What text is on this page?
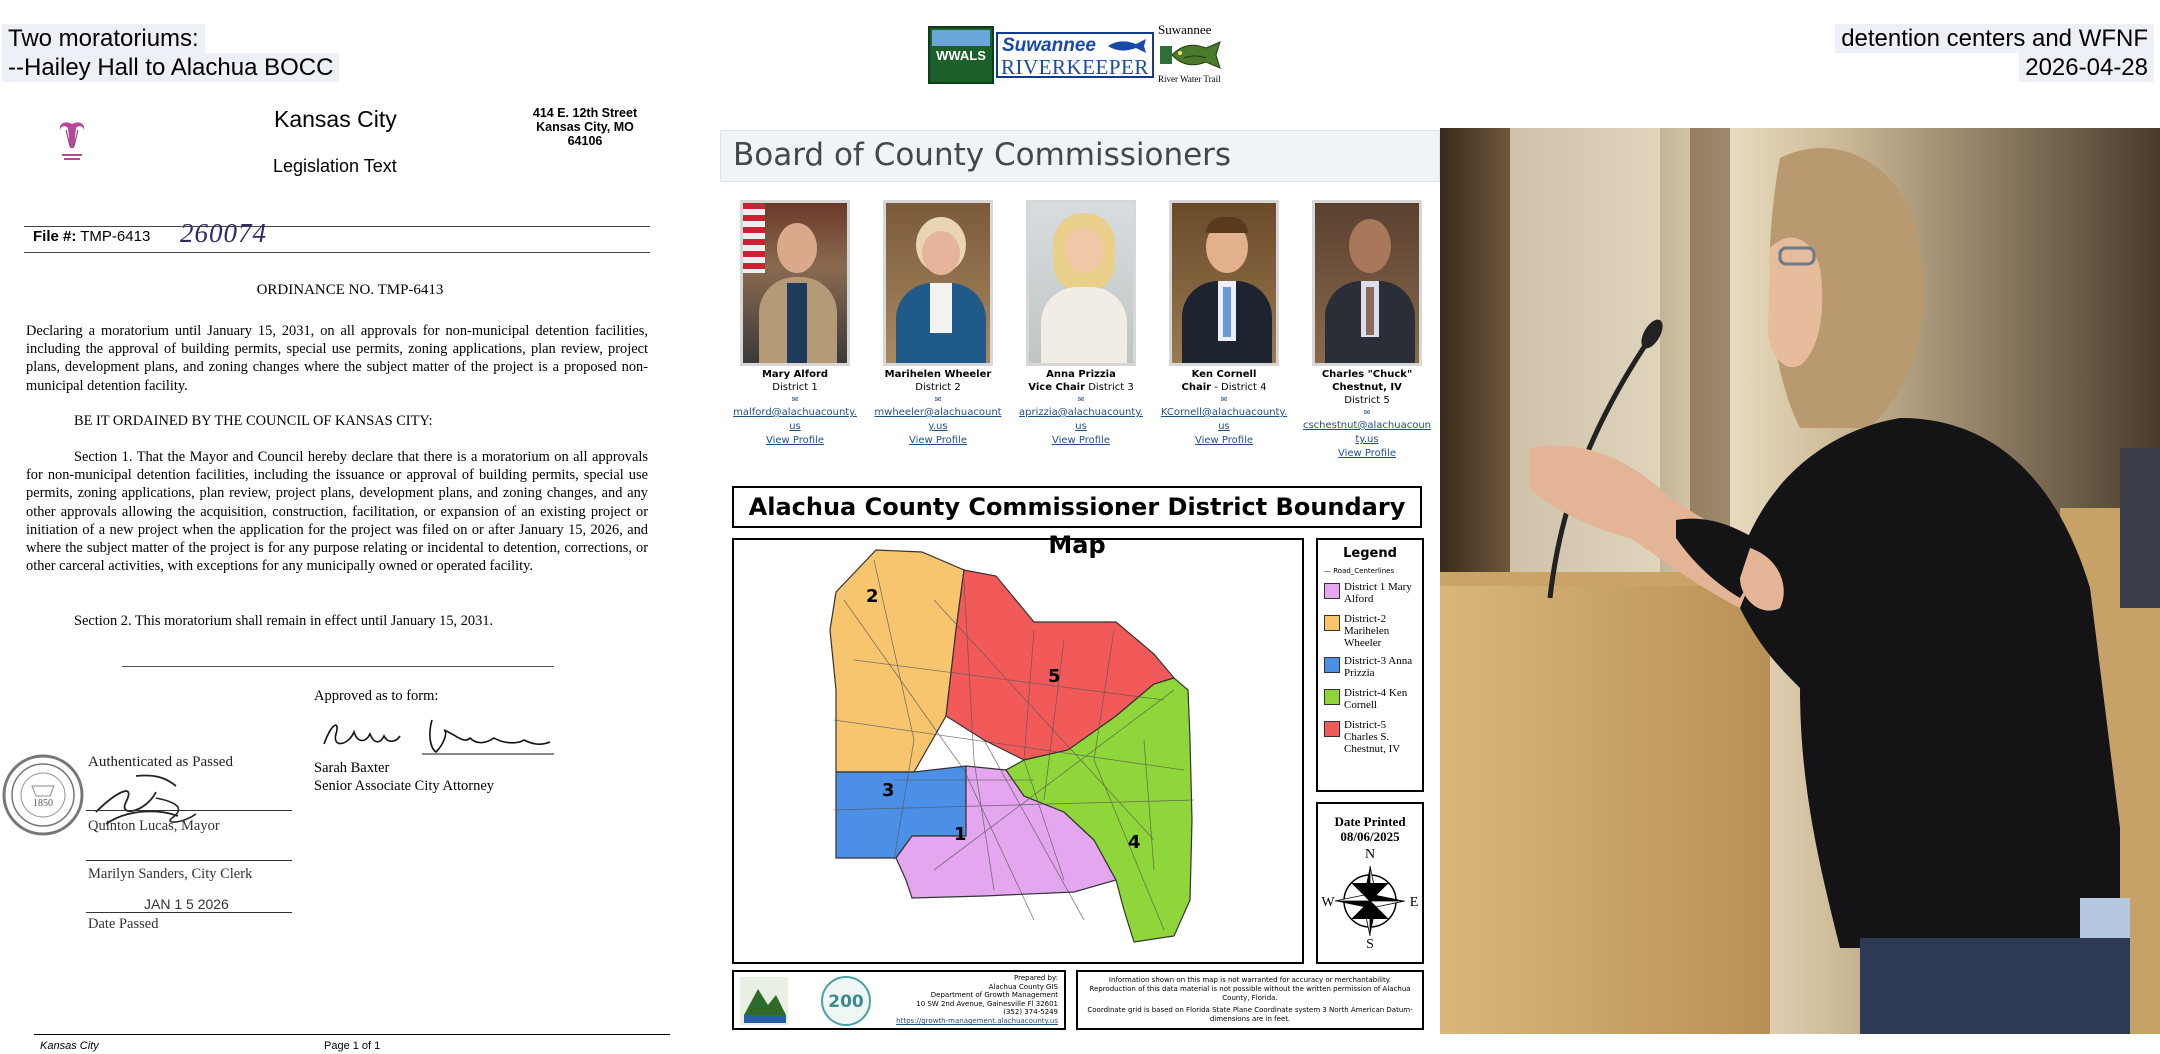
Two moratoriums:
--Hailey Hall to Alachua BOCC
detention centers and WFNF
2026-04-28
WWALS Suwannee
RIVERKEEPER
Suwannee
River Water Trail
Kansas City
Legislation Text
414 E. 12th Street
Kansas City, MO
64106
File #: TMP-6413 260074
ORDINANCE NO. TMP-6413
Declaring a moratorium until January 15, 2031, on all approvals for non-municipal detention facilities, including the approval of building permits, special use permits, zoning applications, plan review, project plans, development plans, and zoning changes where the subject matter of the project is a proposed non-municipal detention facility.
BE IT ORDAINED BY THE COUNCIL OF KANSAS CITY:
Section 1. That the Mayor and Council hereby declare that there is a moratorium on all approvals for non-municipal detention facilities, including the issuance or approval of building permits, special use permits, zoning applications, plan review, project plans, development plans, and zoning changes, and any other approvals allowing the acquisition, construction, facilitation, or expansion of an existing project or initiation of a new project when the application for the project was filed on or after January 15, 2026, and where the subject matter of the project is for any purpose relating or incidental to detention, corrections, or other carceral activities, with exceptions for any municipally owned or operated facility.
Section 2. This moratorium shall remain in effect until January 15, 2031.
Approved as to form:
Sarah Baxter
Senior Associate City Attorney
1850
Authenticated as Passed
Quinton Lucas, Mayor
Marilyn Sanders, City Clerk
JAN 1 5 2026
Date Passed
Kansas City	Page 1 of 1
Board of County Commissioners
Mary Alford
District 1
✉
malford@alachuacounty.us
View Profile
Marihelen Wheeler
District 2
✉
mwheeler@alachuacounty.us
View Profile
Anna Prizzia
Vice Chair District 3
✉
aprizzia@alachuacounty.us
View Profile
Ken Cornell
Chair - District 4
✉
KCornell@alachuacounty.us
View Profile
Charles "Chuck" Chestnut, IV
District 5
✉
cschestnut@alachuacounty.us
View Profile
Alachua County Commissioner District Boundary Map
1
2
3
4
5
Legend
— Road_Centerlines
District 1 Mary Alford
District-2 Marihelen Wheeler
District-3 Anna Prizzia
District-4 Ken Cornell
District-5 Charles S. Chestnut, IV
Date Printed
08/06/2025
N
S
W	E
200
Prepared by:
Alachua County GIS
Department of Growth Management
10 SW 2nd Avenue, Gainesville Fl 32601
(352) 374-5249
https://growth-management.alachuacounty.us
Information shown on this map is not warranted for accuracy or merchantability.
Reproduction of this data material is not possible without the written permission of Alachua County, Florida.
Coordinate grid is based on Florida State Plane Coordinate system 3 North American Datum-dimensions are in feet.
